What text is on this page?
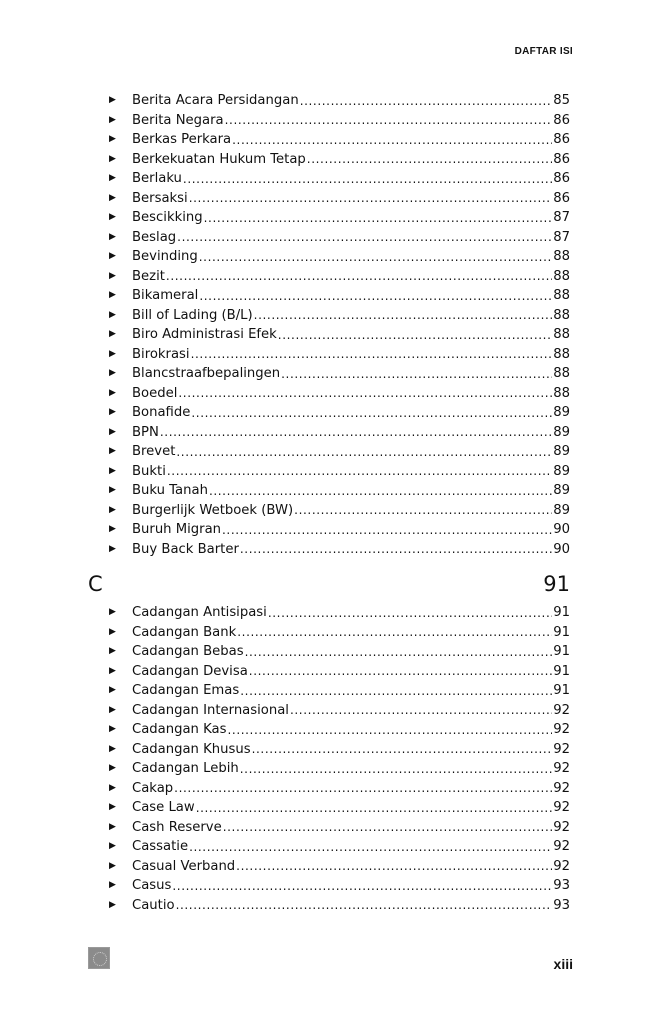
DAFTAR ISI
▶	Berita Acara Persidangan .....	85
▶	Berita Negara .....	86
▶	Berkas Perkara .....	86
▶	Berkekuatan Hukum Tetap .....	86
▶	Berlaku .....	86
▶	Bersaksi .....	86
▶	Bescikking .....	87
▶	Beslag .....	87
▶	Bevinding .....	88
▶	Bezit .....	88
▶	Bikameral .....	88
▶	Bill of Lading (B/L) .....	88
▶	Biro Administrasi Efek .....	88
▶	Birokrasi .....	88
▶	Blancstraafbepalingen .....	88
▶	Boedel .....	88
▶	Bonafide .....	89
▶	BPN .....	89
▶	Brevet .....	89
▶	Bukti .....	89
▶	Buku Tanah .....	89
▶	Burgerlijk Wetboek (BW) .....	89
▶	Buruh Migran .....	90
▶	Buy Back Barter .....	90
C	91
▶	Cadangan Antisipasi .....	91
▶	Cadangan Bank .....	91
▶	Cadangan Bebas .....	91
▶	Cadangan Devisa .....	91
▶	Cadangan Emas .....	91
▶	Cadangan Internasional .....	92
▶	Cadangan Kas .....	92
▶	Cadangan Khusus .....	92
▶	Cadangan Lebih .....	92
▶	Cakap .....	92
▶	Case Law .....	92
▶	Cash Reserve .....	92
▶	Cassatie .....	92
▶	Casual Verband .....	92
▶	Casus .....	93
▶	Cautio .....	93
xiii
